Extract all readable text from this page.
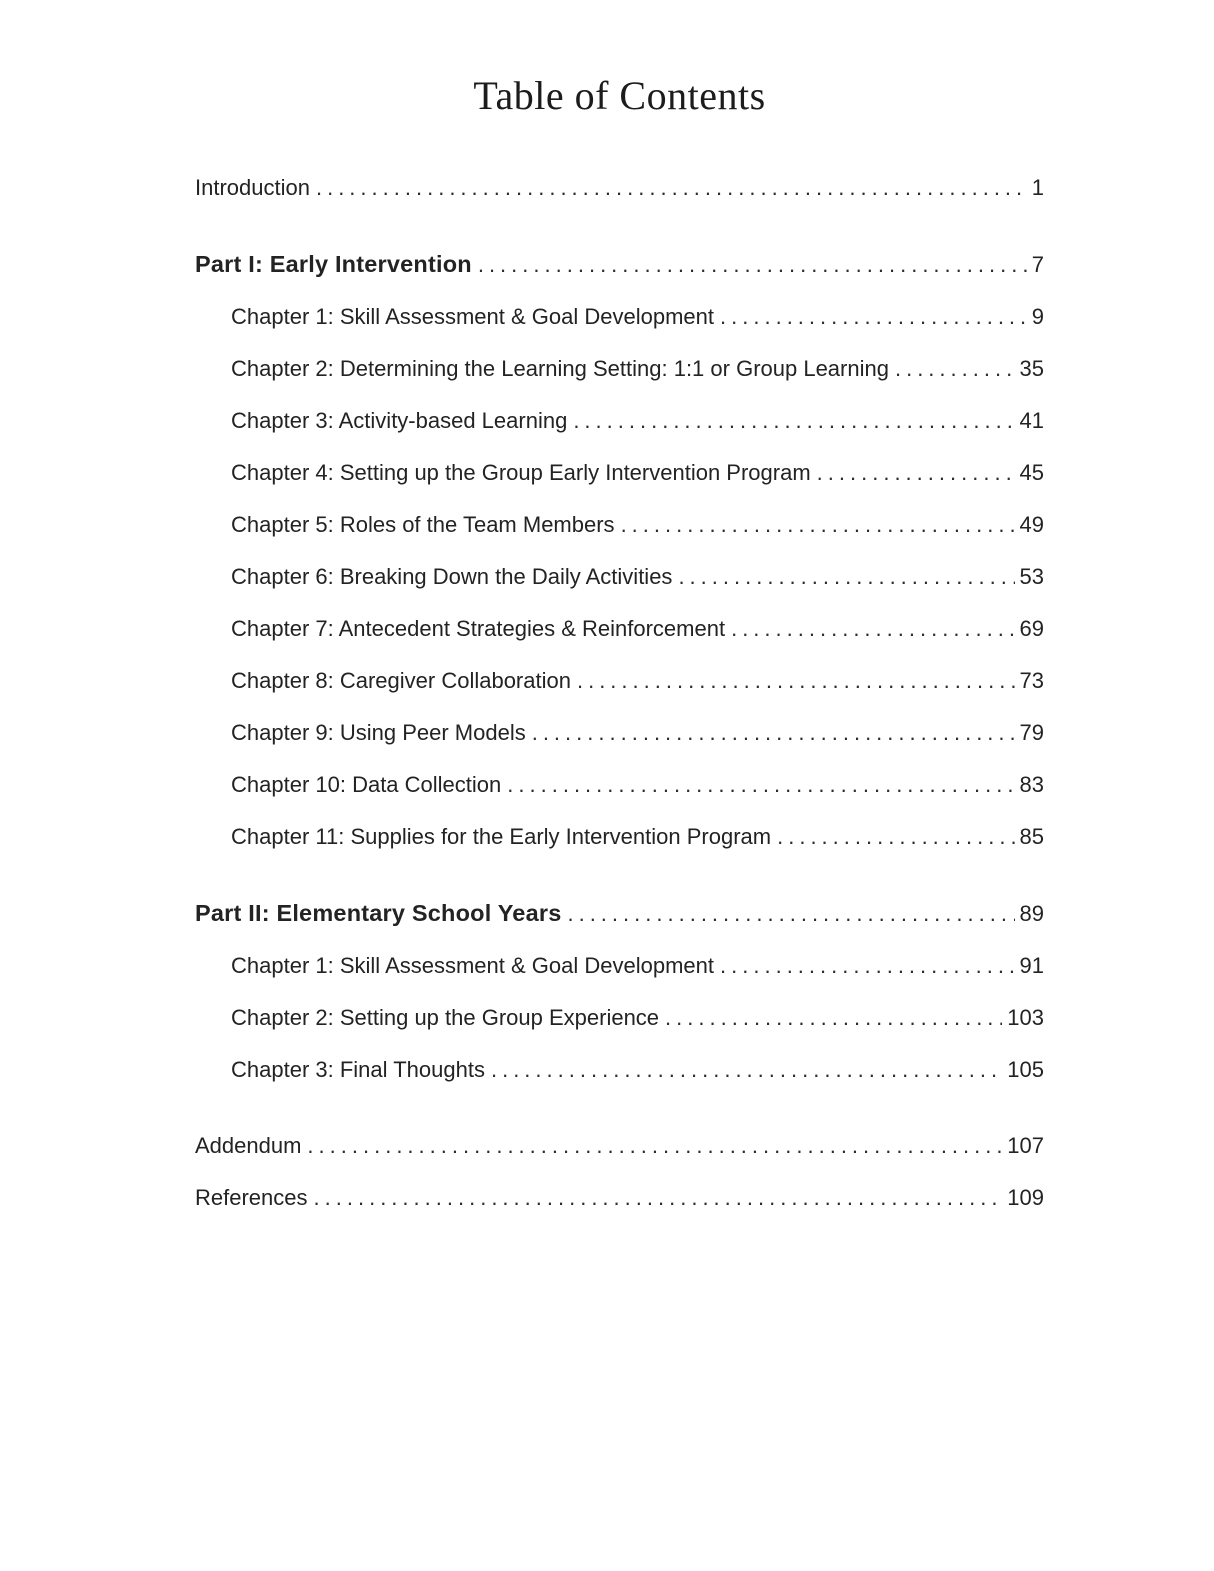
Table of Contents
Introduction .....	1
Part I: Early Intervention .....	7
Chapter 1: Skill Assessment & Goal Development .....	9
Chapter 2: Determining the Learning Setting: 1:1 or Group Learning .....	35
Chapter 3: Activity-based Learning .....	41
Chapter 4: Setting up the Group Early Intervention Program .....	45
Chapter 5: Roles of the Team Members .....	49
Chapter 6: Breaking Down the Daily Activities .....	53
Chapter 7: Antecedent Strategies & Reinforcement .....	69
Chapter 8: Caregiver Collaboration .....	73
Chapter 9: Using Peer Models .....	79
Chapter 10: Data Collection .....	83
Chapter 11: Supplies for the Early Intervention Program .....	85
Part II: Elementary School Years .....	89
Chapter 1: Skill Assessment & Goal Development .....	91
Chapter 2: Setting up the Group Experience .....	103
Chapter 3: Final Thoughts .....	105
Addendum .....	107
References .....	109
